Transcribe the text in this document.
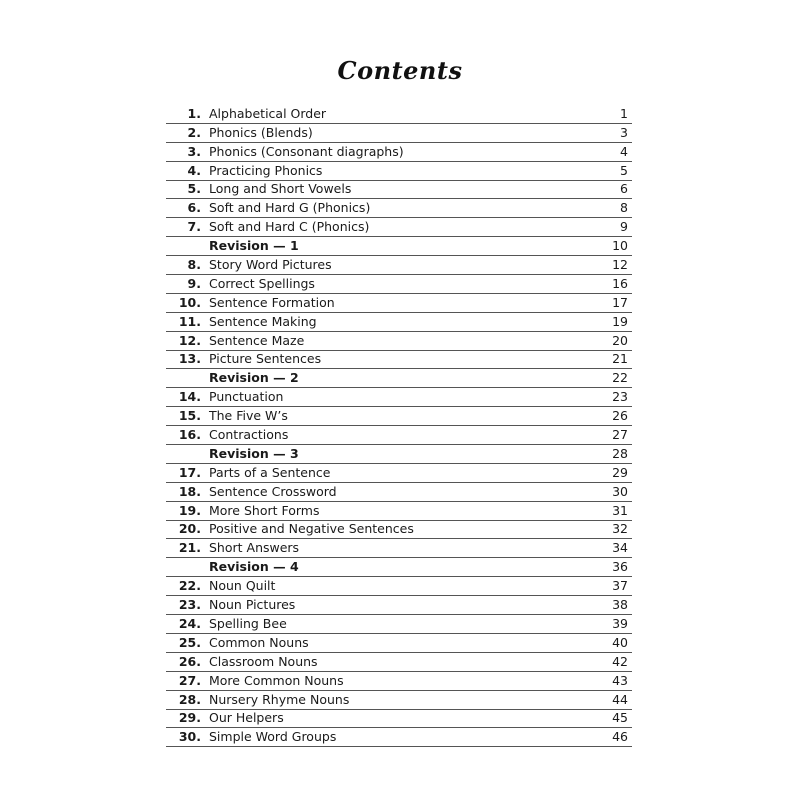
Contents
1. Alphabetical Order	1
2. Phonics (Blends)	3
3. Phonics (Consonant diagraphs)	4
4. Practicing Phonics	5
5. Long and Short Vowels	6
6. Soft and Hard G (Phonics)	8
7. Soft and Hard C (Phonics)	9
Revision — 1	10
8. Story Word Pictures	12
9. Correct Spellings	16
10. Sentence Formation	17
11. Sentence Making	19
12. Sentence Maze	20
13. Picture Sentences	21
Revision — 2	22
14. Punctuation	23
15. The Five W’s	26
16. Contractions	27
Revision — 3	28
17. Parts of a Sentence	29
18. Sentence Crossword	30
19. More Short Forms	31
20. Positive and Negative Sentences	32
21. Short Answers	34
Revision — 4	36
22. Noun Quilt	37
23. Noun Pictures	38
24. Spelling Bee	39
25. Common Nouns	40
26. Classroom Nouns	42
27. More Common Nouns	43
28. Nursery Rhyme Nouns	44
29. Our Helpers	45
30. Simple Word Groups	46
